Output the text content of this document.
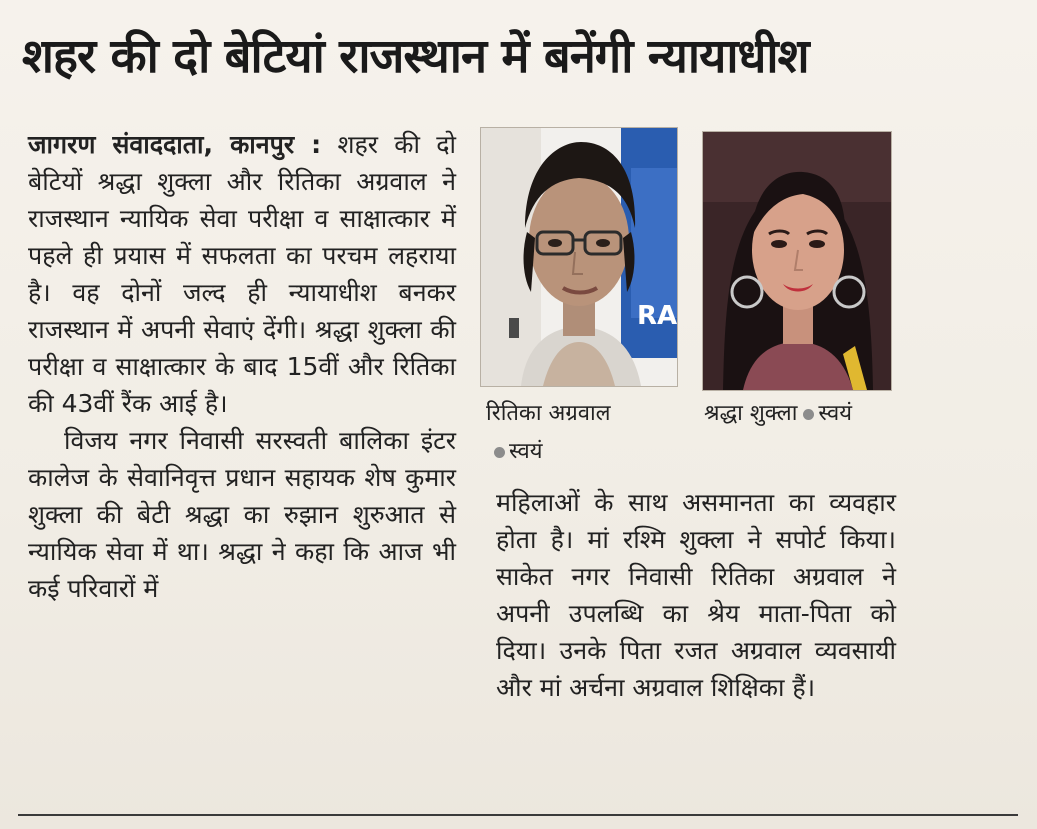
शहर की दो बेटियां राजस्थान में बनेंगी न्यायाधीश

जागरण संवाददाता, कानपुर : शहर की दो बेटियों श्रद्धा शुक्ला और रितिका अग्रवाल ने राजस्थान न्यायिक सेवा परीक्षा व साक्षात्कार में पहले ही प्रयास में सफलता का परचम लहराया है। वह दोनों जल्द ही न्यायाधीश बनकर राजस्थान में अपनी सेवाएं देंगी। श्रद्धा शुक्ला की परीक्षा व साक्षात्कार के बाद 15वीं और रितिका की 43वीं रैंक आई है।

विजय नगर निवासी सरस्वती बालिका इंटर कालेज के सेवानिवृत्त प्रधान सहायक शेष कुमार शुक्ला की बेटी श्रद्धा का रुझान शुरुआत से न्यायिक सेवा में था। श्रद्धा ने कहा कि आज भी कई परिवारों में

RA
रितिका अग्रवाल
स्वयं
श्रद्धा शुक्ला स्वयं

महिलाओं के साथ असमानता का व्यवहार होता है। मां रश्मि शुक्ला ने सपोर्ट किया। साकेत नगर निवासी रितिका अग्रवाल ने अपनी उपलब्धि का श्रेय माता-पिता को दिया। उनके पिता रजत अग्रवाल व्यवसायी और मां अर्चना अग्रवाल शिक्षिका हैं।
